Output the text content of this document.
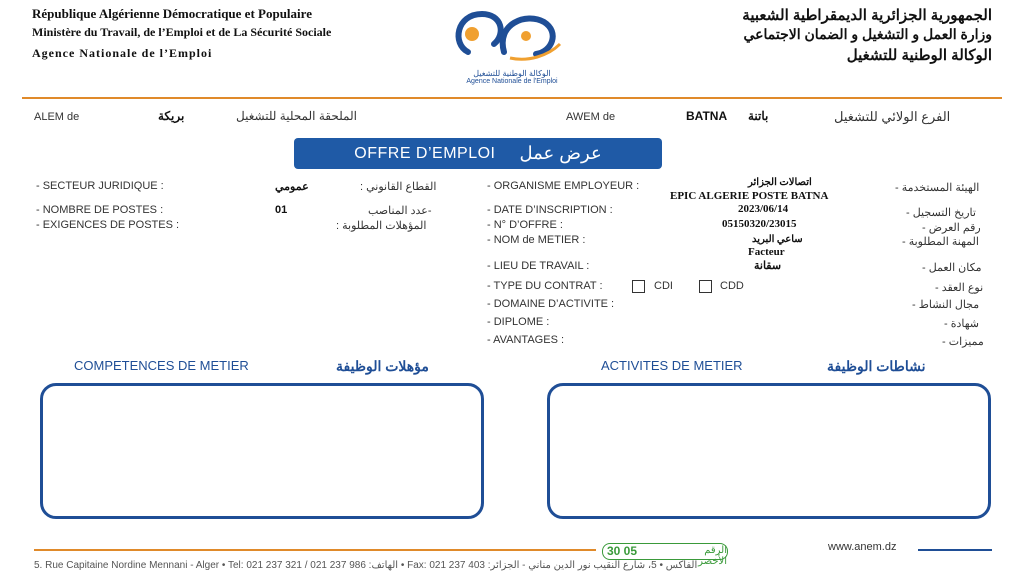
République Algérienne Démocratique et Populaire
Ministère du Travail, de l’Emploi et de La Sécurité Sociale
Agence Nationale de l’Emploi
الوكالة الوطنية للتشغيل
Agence Nationale de l'Emploi
الجمهورية الجزائرية الديمقراطية الشعبية
وزارة العمل و التشغيل و الضمان الاجتماعي
الوكالة الوطنية للتشغيل
ALEM de	بريكة	الملحقة المحلية للتشغيل	AWEM de	BATNA باتنة	الفرع الولائي للتشغيل
OFFRE D’EMPLOI عرض عمل
- SECTEUR JURIDIQUE :	عمومي	القطاع القانوني :
- NOMBRE DE POSTES :	01	-عدد المناصب
- EXIGENCES DE POSTES :	المؤهلات المطلوبة :
- ORGANISME EMPLOYEUR :	اتصالات الجزائر
EPIC ALGERIE POSTE BATNA
الهيئة المستخدمة -
- DATE D’INSCRIPTION :	2023/06/14	تاريخ التسجيل -
- N° D’OFFRE :	05150320/23015	رقم العرض -
- NOM de METIER :	ساعي البريد
Facteur
المهنة المطلوبة -
- LIEU DE TRAVAIL :	سقانة	مكان العمل -
- TYPE DU CONTRAT :	CDI	CDD	نوع العقد -
- DOMAINE D’ACTIVITE :	مجال النشاط -
- DIPLOME :	شهادة -
- AVANTAGES :	مميزات -
COMPETENCES DE METIER	مؤهلات الوظيفة	ACTIVITES DE METIER	نشاطات الوظيفة
30 05	الرقم الأخضر
www.anem.dz
5. Rue Capitaine Nordine Mennani - Alger • Tel: 021 237 321 / 021 237 986 :الهاتف • Fax: 021 237 403 :الفاكس • 5، شارع النقيب نور الدين مناني - الجزائر
